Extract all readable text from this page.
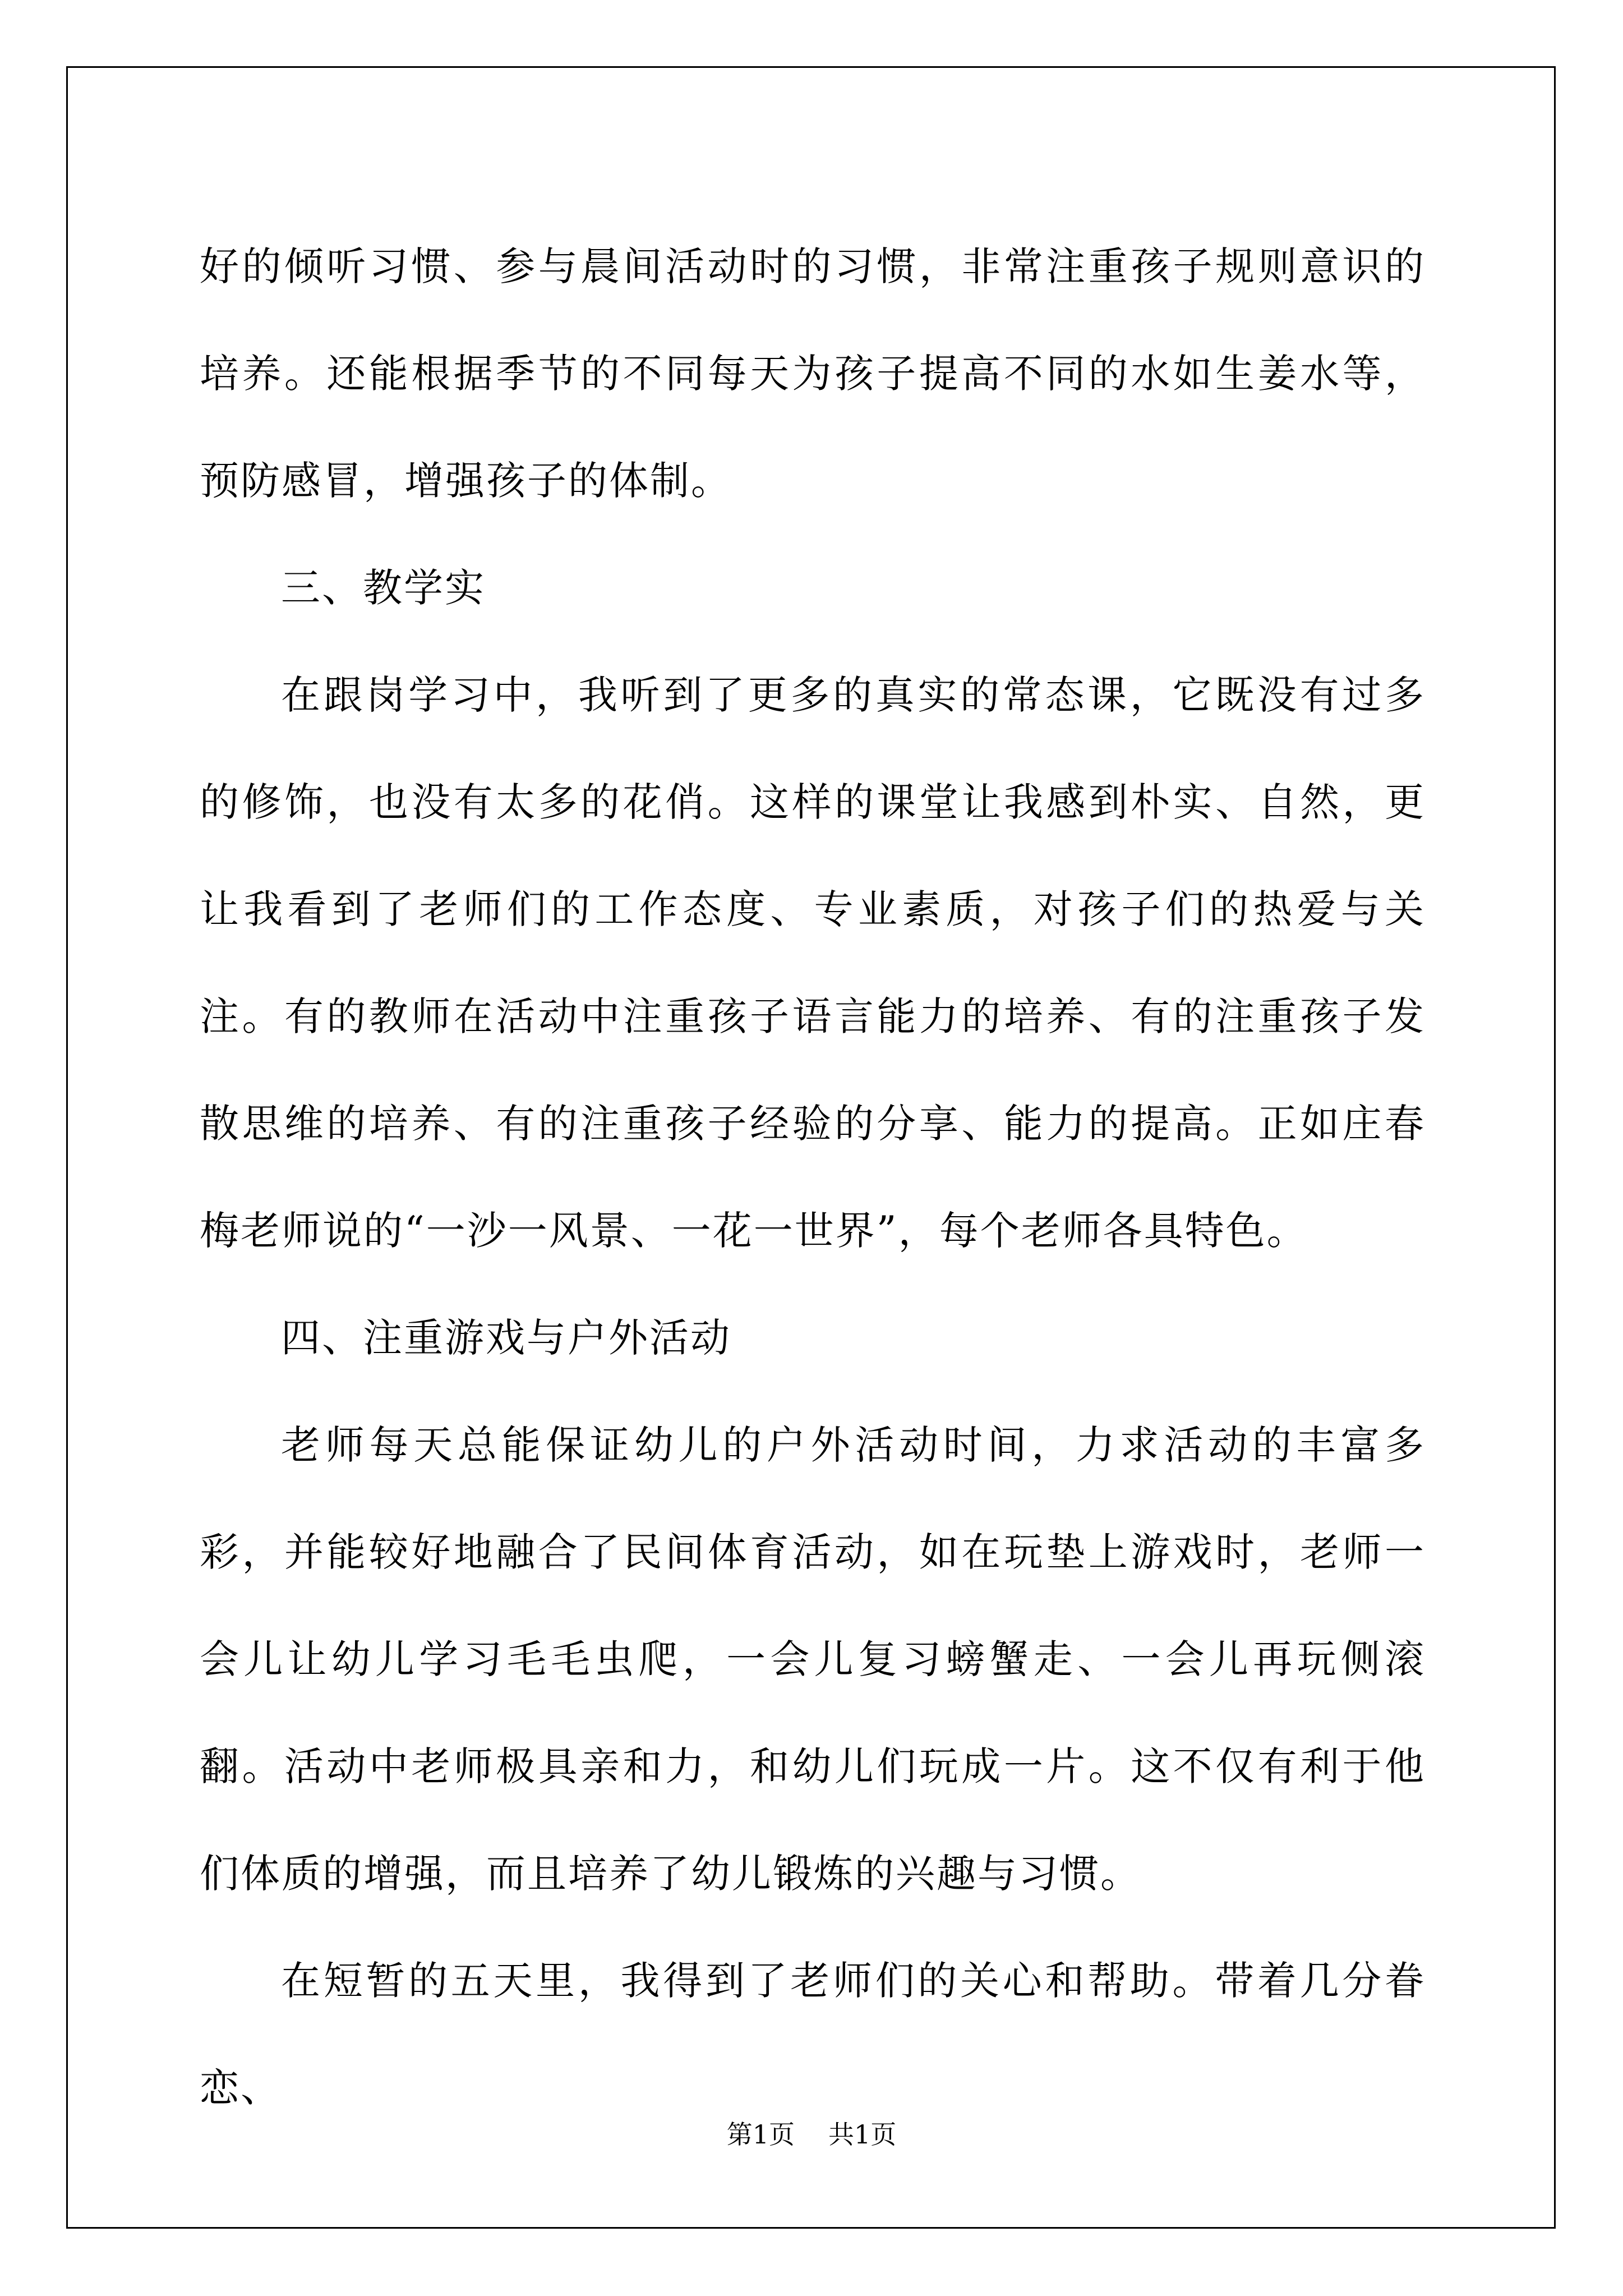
好的倾听习惯、参与晨间活动时的习惯，非常注重孩子规则意识的培养。还能根据季节的不同每天为孩子提高不同的水如生姜水等，预防感冒，增强孩子的体制。

三、教学实

在跟岗学习中，我听到了更多的真实的常态课，它既没有过多的修饰，也没有太多的花俏。这样的课堂让我感到朴实、自然，更让我看到了老师们的工作态度、专业素质，对孩子们的热爱与关注。有的教师在活动中注重孩子语言能力的培养、有的注重孩子发散思维的培养、有的注重孩子经验的分享、能力的提高。正如庄春梅老师说的“一沙一风景、一花一世界”，每个老师各具特色。

四、注重游戏与户外活动

老师每天总能保证幼儿的户外活动时间，力求活动的丰富多彩，并能较好地融合了民间体育活动，如在玩垫上游戏时，老师一会儿让幼儿学习毛毛虫爬，一会儿复习螃蟹走、一会儿再玩侧滚翻。活动中老师极具亲和力，和幼儿们玩成一片。这不仅有利于他们体质的增强，而且培养了幼儿锻炼的兴趣与习惯。

在短暂的五天里，我得到了老师们的关心和帮助。带着几分眷恋、

第1页 共1页
